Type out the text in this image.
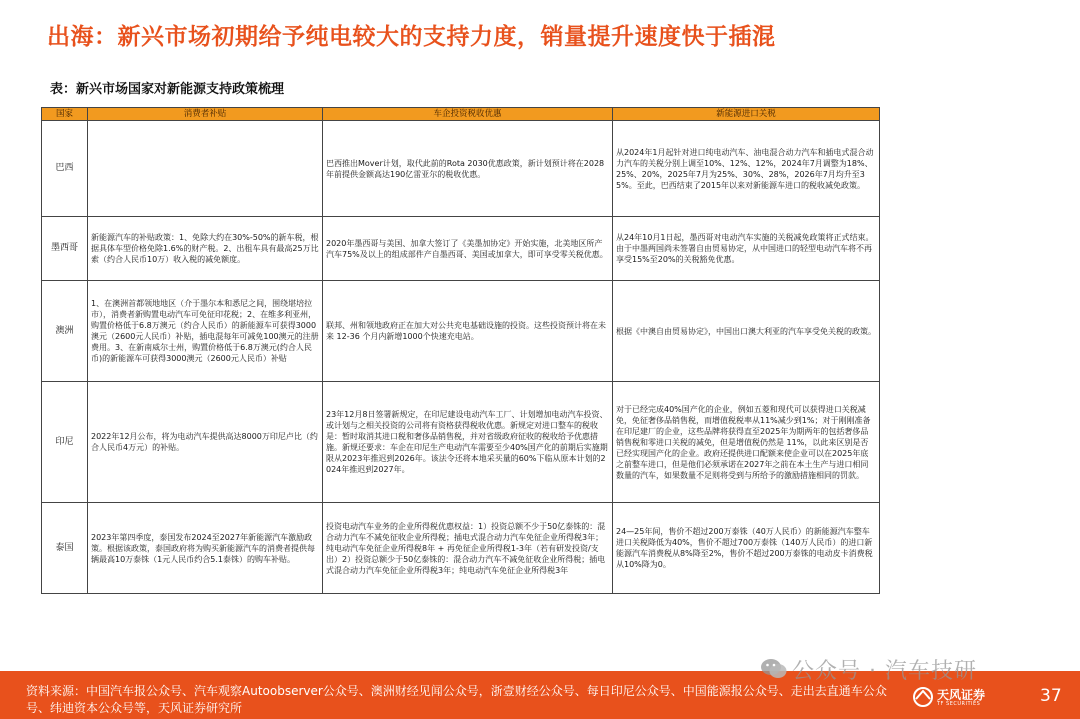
出海：新兴市场初期给予纯电较大的支持力度，销量提升速度快于插混
表：新兴市场国家对新能源支持政策梳理
国家	消费者补贴	车企投资税收优惠	新能源进口关税
巴西		巴西推出Mover计划，取代此前的Rota 2030优惠政策，新计划预计将在2028年前提供金额高达190亿雷亚尔的税收优惠。	从2024年1月起针对进口纯电动汽车、油电混合动力汽车和插电式混合动力汽车的关税分别上调至10%、12%、12%，2024年7月调整为18%、25%、20%，2025年7月为25%、30%、28%，2026年7月均升至35%。至此，巴西结束了2015年以来对新能源车进口的税收减免政策。
墨西哥	新能源汽车的补贴政策：1、免除大约在30%-50%的新车税，根据具体车型价格免除1.6%的财产税。2、出租车具有最高25万比索（约合人民币10万）收入税的减免额度。	2020年墨西哥与美国、加拿大签订了《美墨加协定》开始实施，北美地区所产汽车75%及以上的组成部件产自墨西哥、美国或加拿大，即可享受零关税优惠。	从24年10月1日起，墨西哥对电动汽车实施的关税减免政策将正式结束。由于中墨两国尚未签署自由贸易协定，从中国进口的轻型电动汽车将不再享受15%至20%的关税豁免优惠。
澳洲	1、在澳洲首都领地地区（介于墨尔本和悉尼之间，围绕堪培拉市），消费者新购置电动汽车可免征印花税；2、在维多利亚州，购置价格低于6.8万澳元（约合人民币）的新能源车可获得3000澳元（2600元人民币）补贴，插电混每年可减免100澳元的注册费用。3、在新南威尔士州，购置价格低于6.8万澳元(约合人民币)的新能源车可获得3000澳元（2600元人民币）补贴	联邦、州和领地政府正在加大对公共充电基础设施的投资。这些投资预计将在未来 12-36 个月内新增1000个快速充电站。	根据《中澳自由贸易协定》，中国出口澳大利亚的汽车享受免关税的政策。
印尼	2022年12月公布，将为电动汽车提供高达8000万印尼卢比（约合人民币4万元）的补贴。	23年12月8日签署新规定，在印尼建设电动汽车工厂、计划增加电动汽车投资、或计划与之相关投资的公司将有资格获得税收优惠。新规定对进口整车的税收是：暂时取消其进口税和奢侈品销售税，并对省级政府征收的税收给予优惠措施。新规还要求：车企在印尼生产电动汽车需要至少40%国产化的前期后实施期限从2023年推迟到2026年。该法令还将本地采买量的60%下临从原本计划的2024年推迟到2027年。	对于已经完成40%国产化的企业，例如五菱和现代可以获得进口关税减免，免征奢侈品销售税，而增值税税率从11%减少到1%；对于刚刚准备在印尼建厂的企业，这些品牌将获得直至2025年为期两年的包括奢侈品销售税和零进口关税的减免，但是增值税仍然是 11%，以此来区别是否已经实现国产化的企业。政府还提供进口配额来使企业可以在2025年底之前整车进口，但是他们必须承诺在2027年之前在本土生产与进口相同数量的汽车，如果数量不足则将受到与所给予的激励措施相同的罚款。
泰国	2023年第四季度，泰国发布2024至2027年新能源汽车激励政策。根据该政策，泰国政府将为购买新能源汽车的消费者提供每辆最高10万泰铢（1元人民币约合5.1泰铢）的购车补贴。	投资电动汽车业务的企业所得税优惠权益：1）投资总额不少于50亿泰铢的：混合动力汽车不减免征收企业所得税；插电式混合动力汽车免征企业所得税3年；纯电动汽车免征企业所得税8年 + 再免征企业所得税1-3年（若有研发投资/支出）2）投资总额少于50亿泰铢的：混合动力汽车不减免征收企业所得税；插电式混合动力汽车免征企业所得税3年；纯电动汽车免征企业所得税3年	24—25年间，售价不超过200万泰铢（40万人民币）的新能源汽车整车进口关税降低为40%，售价不超过700万泰铢（140万人民币）的进口新能源汽车消费税从8%降至2%，售价不超过200万泰铢的电动皮卡消费税从10%降为0。
资料来源：中国汽车报公众号、汽车观察Autoobserver公众号、澳洲财经见闻公众号，浙壹财经公众号、每日印尼公众号、中国能源报公众号、走出去直通车公众号、纬迪资本公众号等，天风证券研究所
公众号 · 汽车技研
天风证券
TF SECURITIES	37
